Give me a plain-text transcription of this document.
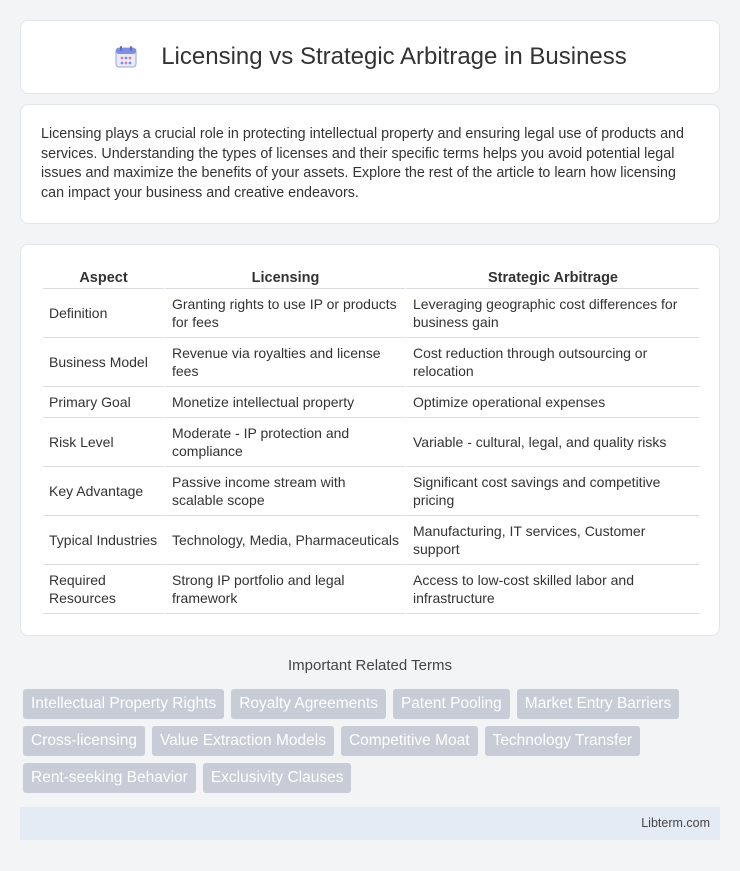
Licensing vs Strategic Arbitrage in Business

Licensing plays a crucial role in protecting intellectual property and ensuring legal use of products and services. Understanding the types of licenses and their specific terms helps you avoid potential legal issues and maximize the benefits of your assets. Explore the rest of the article to learn how licensing can impact your business and creative endeavors.

Aspect	Licensing	Strategic Arbitrage
Definition	Granting rights to use IP or products for fees	Leveraging geographic cost differences for business gain
Business Model	Revenue via royalties and license fees	Cost reduction through outsourcing or relocation
Primary Goal	Monetize intellectual property	Optimize operational expenses
Risk Level	Moderate - IP protection and compliance	Variable - cultural, legal, and quality risks
Key Advantage	Passive income stream with scalable scope	Significant cost savings and competitive pricing
Typical Industries	Technology, Media, Pharmaceuticals	Manufacturing, IT services, Customer support
Required Resources	Strong IP portfolio and legal framework	Access to low-cost skilled labor and infrastructure
Important Related Terms
Intellectual Property Rights	Royalty Agreements	Patent Pooling	Market Entry Barriers
Cross-licensing	Value Extraction Models	Competitive Moat	Technology Transfer
Rent-seeking Behavior	Exclusivity Clauses
Libterm.com
